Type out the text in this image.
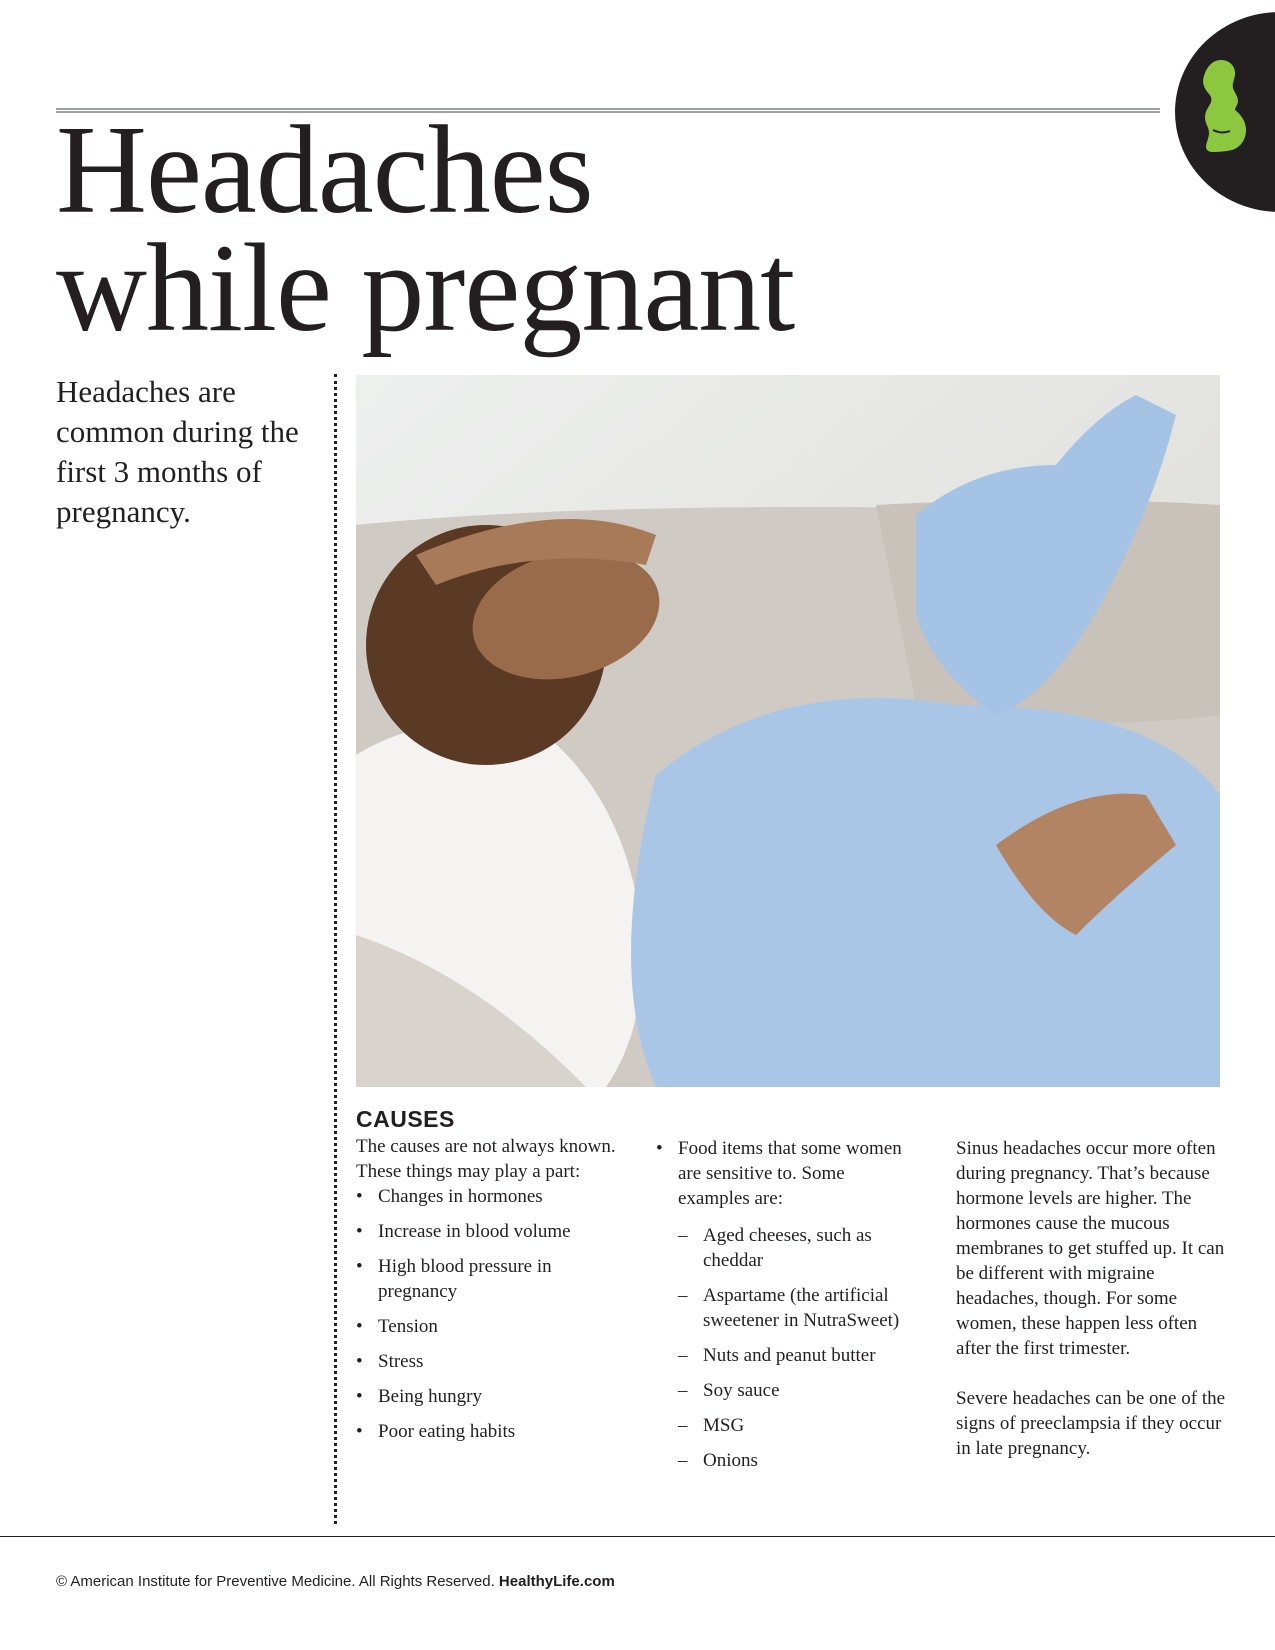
Headaches
while pregnant

Headaches are common during the first 3 months of pregnancy.

CAUSES

The causes are not always known. These things may play a part:

• Changes in hormones
• Increase in blood volume
• High blood pressure in pregnancy
• Tension
• Stress
• Being hungry
• Poor eating habits
• Food items that some women are sensitive to. Some examples are:
– Aged cheeses, such as cheddar
– Aspartame (the artificial sweetener in NutraSweet)
– Nuts and peanut butter
– Soy sauce
– MSG
– Onions

Sinus headaches occur more often during pregnancy. That’s because hormone levels are higher. The hormones cause the mucous membranes to get stuffed up. It can be different with migraine headaches, though. For some women, these happen less often after the first trimester.

Severe headaches can be one of the signs of preeclampsia if they occur in late pregnancy.

© American Institute for Preventive Medicine. All Rights Reserved. HealthyLife.com
